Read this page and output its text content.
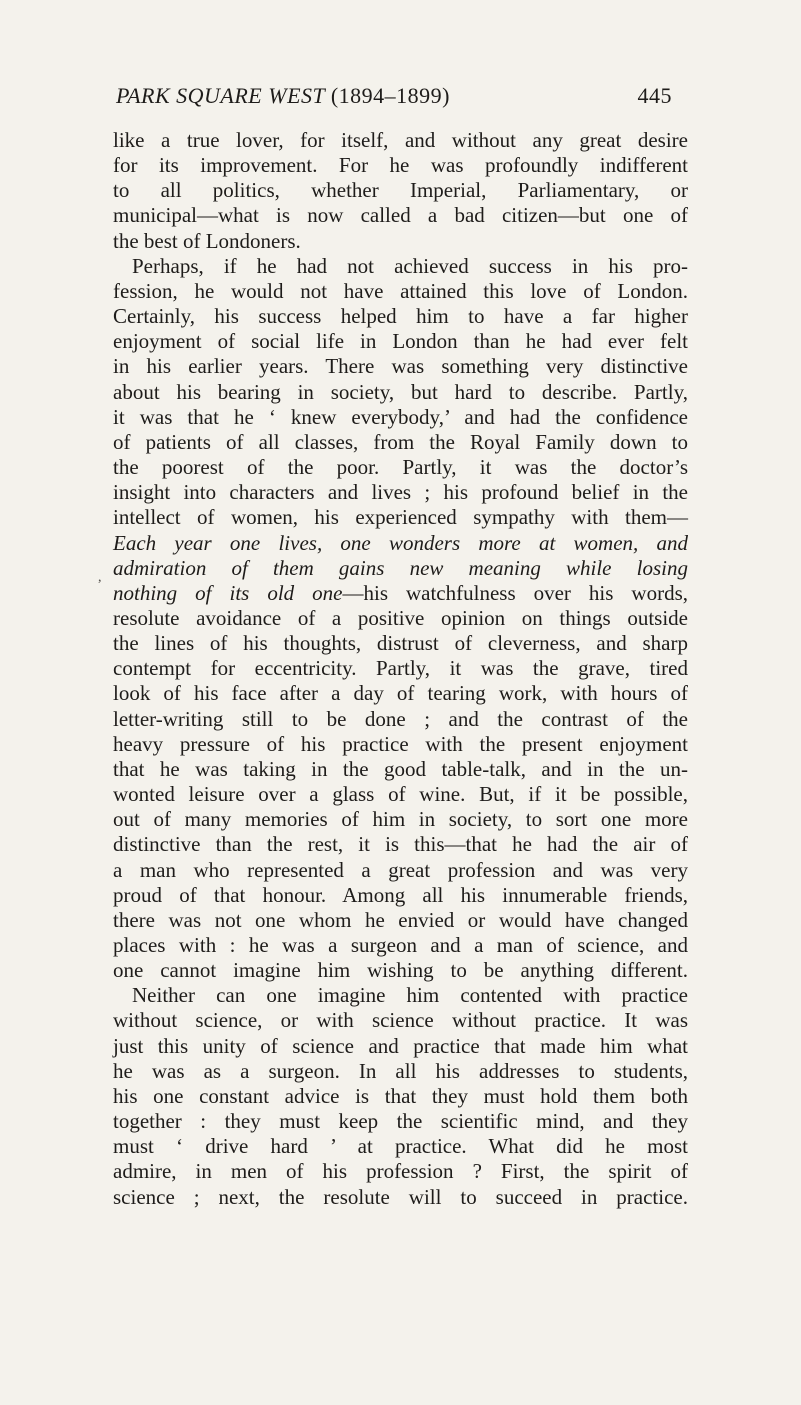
PARK SQUARE WEST (1894–1899)	445
,
like a true lover, for itself, and without any great desire
for its improvement. For he was profoundly indifferent
to all politics, whether Imperial, Parliamentary, or
municipal—what is now called a bad citizen—but one of
the best of Londoners.
Perhaps, if he had not achieved success in his pro-
fession, he would not have attained this love of London.
Certainly, his success helped him to have a far higher
enjoyment of social life in London than he had ever felt
in his earlier years. There was something very distinctive
about his bearing in society, but hard to describe. Partly,
it was that he ‘ knew everybody,’ and had the confidence
of patients of all classes, from the Royal Family down to
the poorest of the poor. Partly, it was the doctor’s
insight into characters and lives ; his profound belief in the
intellect of women, his experienced sympathy with them—
Each year one lives, one wonders more at women, and
admiration of them gains new meaning while losing
nothing of its old one—his watchfulness over his words,
resolute avoidance of a positive opinion on things outside
the lines of his thoughts, distrust of cleverness, and sharp
contempt for eccentricity. Partly, it was the grave, tired
look of his face after a day of tearing work, with hours of
letter-writing still to be done ; and the contrast of the
heavy pressure of his practice with the present enjoyment
that he was taking in the good table-talk, and in the un-
wonted leisure over a glass of wine. But, if it be possible,
out of many memories of him in society, to sort one more
distinctive than the rest, it is this—that he had the air of
a man who represented a great profession and was very
proud of that honour. Among all his innumerable friends,
there was not one whom he envied or would have changed
places with : he was a surgeon and a man of science, and
one cannot imagine him wishing to be anything different.
Neither can one imagine him contented with practice
without science, or with science without practice. It was
just this unity of science and practice that made him what
he was as a surgeon. In all his addresses to students,
his one constant advice is that they must hold them both
together : they must keep the scientific mind, and they
must ‘ drive hard ’ at practice. What did he most
admire, in men of his profession ? First, the spirit of
science ; next, the resolute will to succeed in practice.
